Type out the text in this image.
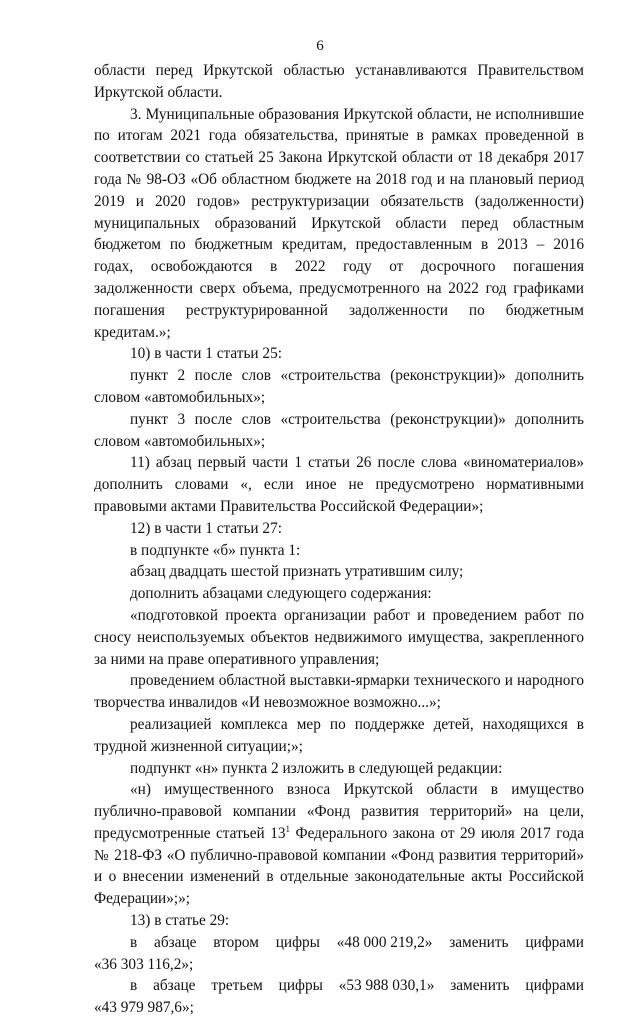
6

области перед Иркутской областью устанавливаются Правительством Иркутской области.

3. Муниципальные образования Иркутской области, не исполнившие по итогам 2021 года обязательства, принятые в рамках проведенной в соответствии со статьей 25 Закона Иркутской области от 18 декабря 2017 года № 98-ОЗ «Об областном бюджете на 2018 год и на плановый период 2019 и 2020 годов» реструктуризации обязательств (задолженности) муниципальных образований Иркутской области перед областным бюджетом по бюджетным кредитам, предоставленным в 2013 – 2016 годах, освобождаются в 2022 году от досрочного погашения задолженности сверх объема, предусмотренного на 2022 год графиками погашения реструктурированной задолженности по бюджетным кредитам.»;

10) в части 1 статьи 25:

пункт 2 после слов «строительства (реконструкции)» дополнить словом «автомобильных»;

пункт 3 после слов «строительства (реконструкции)» дополнить словом «автомобильных»;

11) абзац первый части 1 статьи 26 после слова «виноматериалов» дополнить словами «, если иное не предусмотрено нормативными правовыми актами Правительства Российской Федерации»;

12) в части 1 статьи 27:

в подпункте «б» пункта 1:

абзац двадцать шестой признать утратившим силу;

дополнить абзацами следующего содержания:

«подготовкой проекта организации работ и проведением работ по сносу неиспользуемых объектов недвижимого имущества, закрепленного за ними на праве оперативного управления;

проведением областной выставки-ярмарки технического и народного творчества инвалидов «И невозможное возможно...»;

реализацией комплекса мер по поддержке детей, находящихся в трудной жизненной ситуации;»;

подпункт «н» пункта 2 изложить в следующей редакции:

«н) имущественного взноса Иркутской области в имущество публично-правовой компании «Фонд развития территорий» на цели, предусмотренные статьей $13^1$ Федерального закона от 29 июля 2017 года № 218-ФЗ «О публично-правовой компании «Фонд развития территорий» и о внесении изменений в отдельные законодательные акты Российской Федерации»;»;

13) в статье 29:

в абзаце втором цифры «48 000 219,2» заменить цифрами

«36 303 116,2»;

в абзаце третьем цифры «53 988 030,1» заменить цифрами

«43 979 987,6»;
